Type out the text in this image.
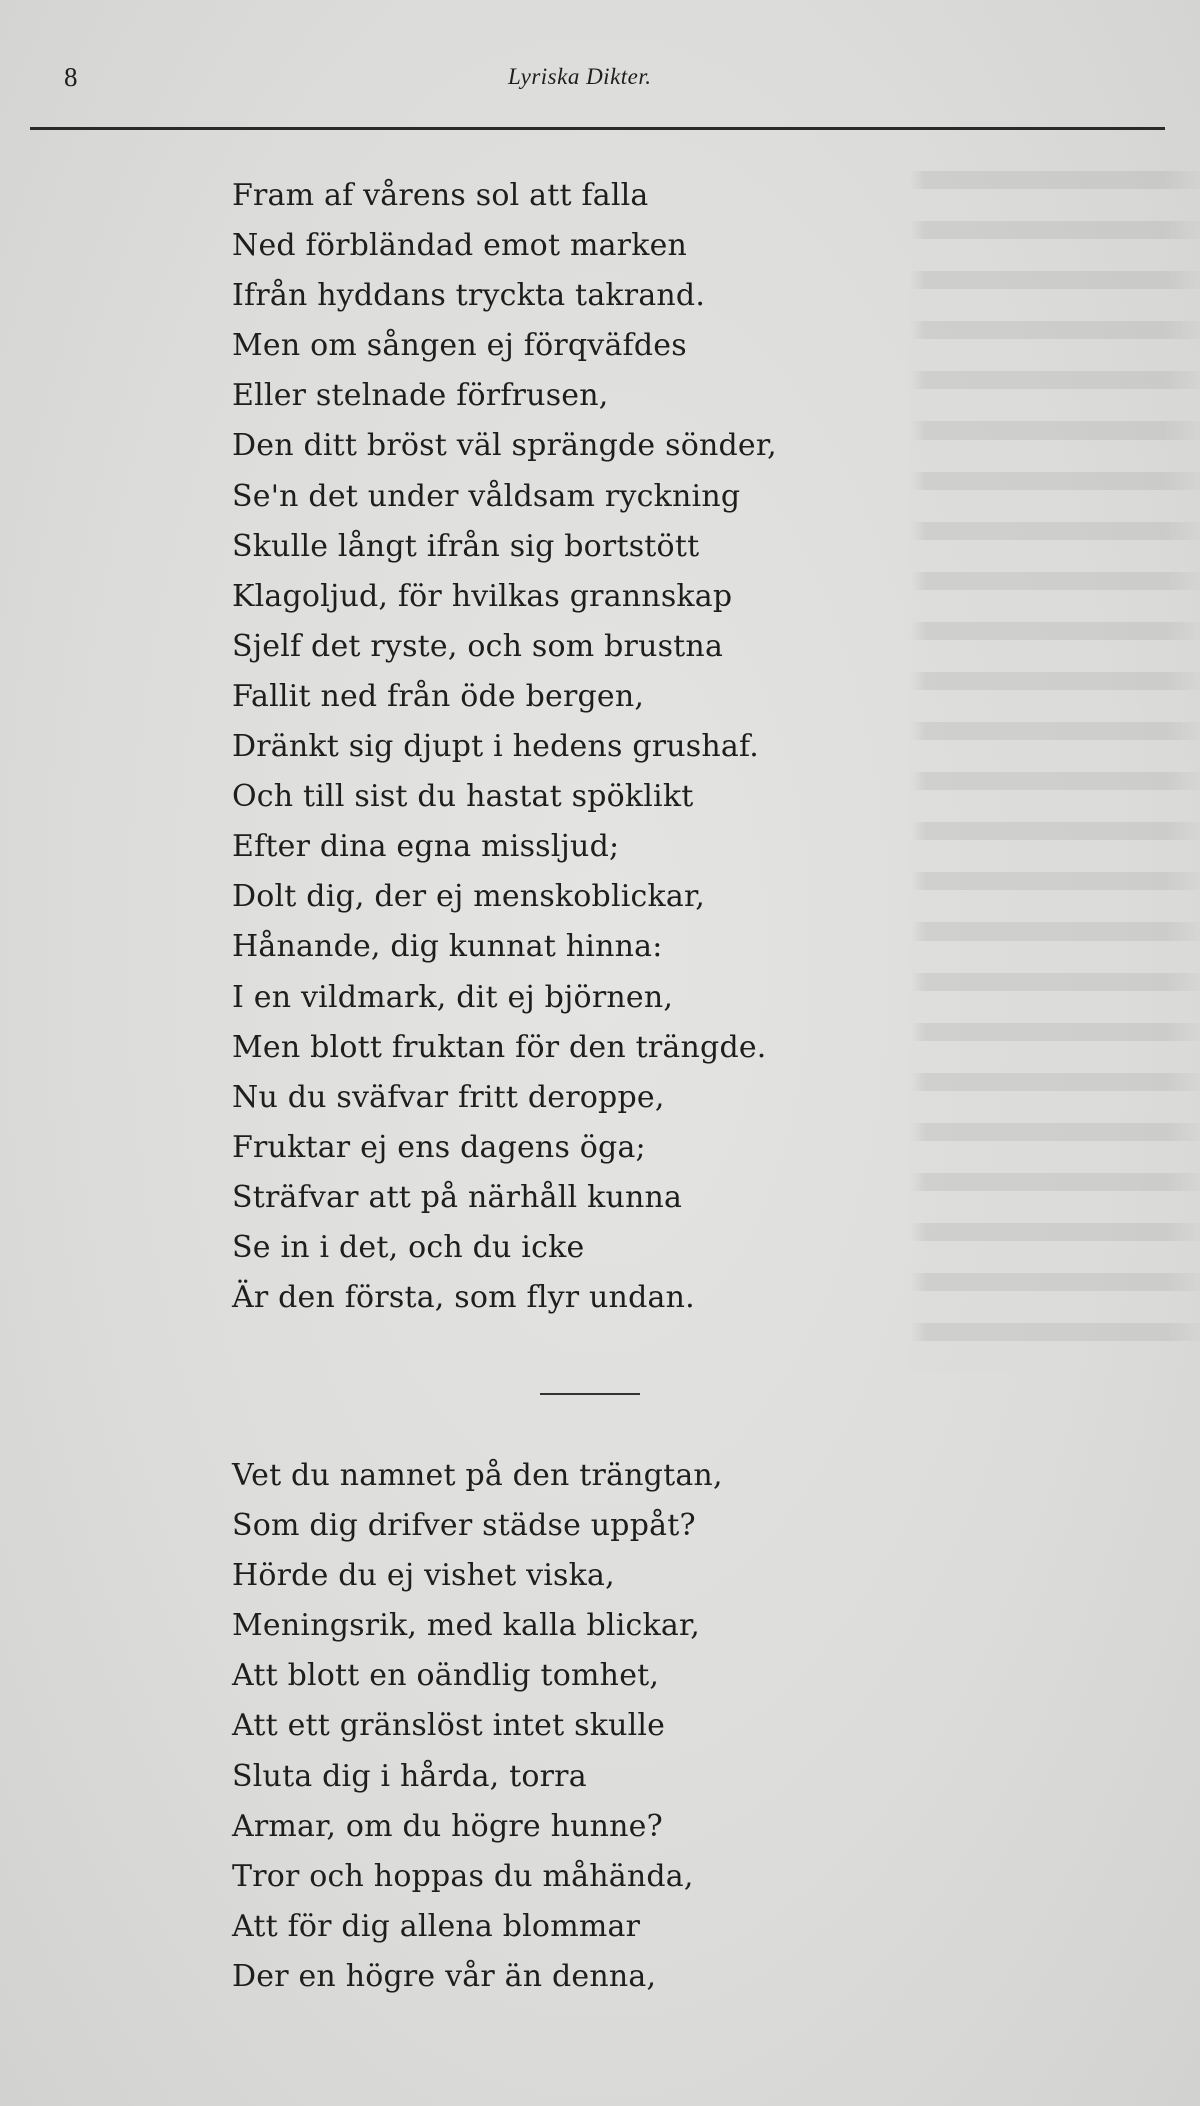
8	Lyriska Dikter.
Fram af vårens sol att falla
Ned förbländad emot marken
Ifrån hyddans tryckta takrand.
Men om sången ej förqväfdes
Eller stelnade förfrusen,
Den ditt bröst väl sprängde sönder,
Se'n det under våldsam ryckning
Skulle långt ifrån sig bortstött
Klagoljud, för hvilkas grannskap
Sjelf det ryste, och som brustna
Fallit ned från öde bergen,
Dränkt sig djupt i hedens grushaf.
Och till sist du hastat spöklikt
Efter dina egna missljud;
Dolt dig, der ej menskoblickar,
Hånande, dig kunnat hinna:
I en vildmark, dit ej björnen,
Men blott fruktan för den trängde.
Nu du sväfvar fritt deroppe,
Fruktar ej ens dagens öga;
Sträfvar att på närhåll kunna
Se in i det, och du icke
Är den första, som flyr undan.
Vet du namnet på den trängtan,
Som dig drifver städse uppåt?
Hörde du ej vishet viska,
Meningsrik, med kalla blickar,
Att blott en oändlig tomhet,
Att ett gränslöst intet skulle
Sluta dig i hårda, torra
Armar, om du högre hunne?
Tror och hoppas du måhända,
Att för dig allena blommar
Der en högre vår än denna,
